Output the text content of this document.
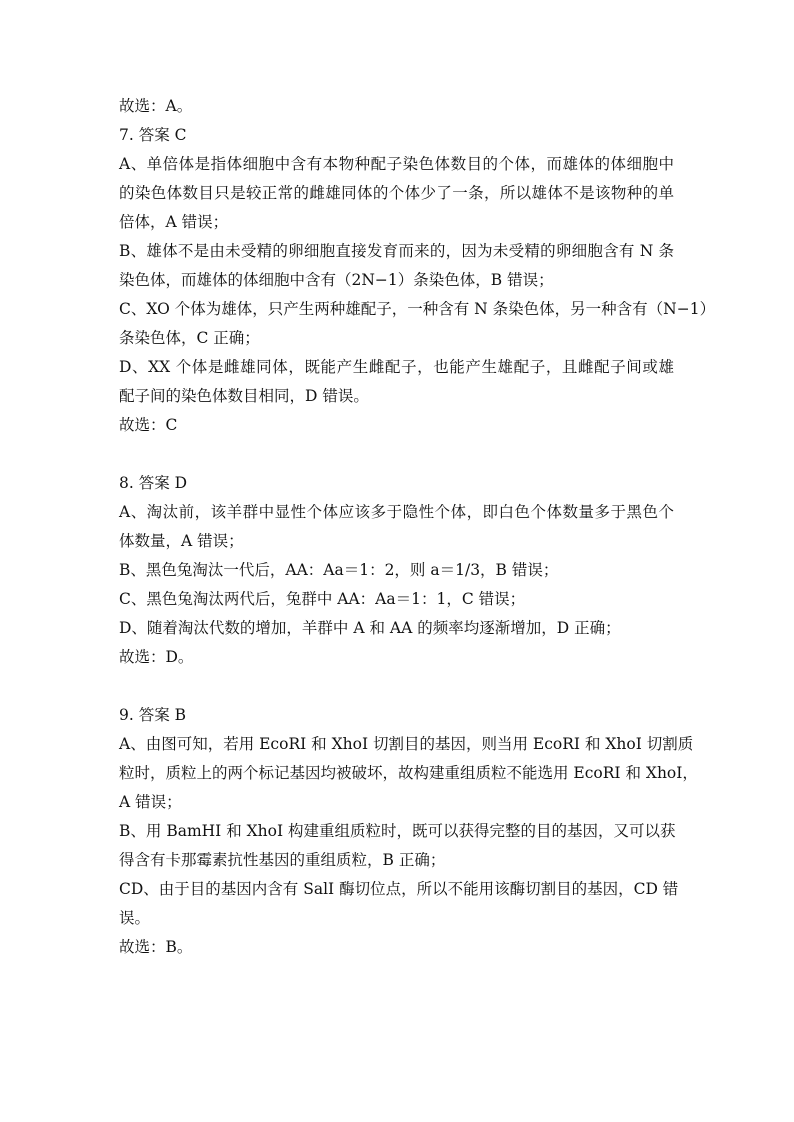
故选：A。
7. 答案 C
A、单倍体是指体细胞中含有本物种配子染色体数目的个体，而雄体的体细胞中
的染色体数目只是较正常的雌雄同体的个体少了一条，所以雄体不是该物种的单
倍体，A 错误；
B、雄体不是由未受精的卵细胞直接发育而来的，因为未受精的卵细胞含有 N 条
染色体，而雄体的体细胞中含有（2N−1）条染色体，B 错误；
C、XO 个体为雄体，只产生两种雄配子，一种含有 N 条染色体，另一种含有（N−1）
条染色体，C 正确；
D、XX 个体是雌雄同体，既能产生雌配子，也能产生雄配子，且雌配子间或雄
配子间的染色体数目相同，D 错误。
故选：C
8. 答案 D
A、淘汰前，该羊群中显性个体应该多于隐性个体，即白色个体数量多于黑色个
体数量，A 错误；
B、黑色兔淘汰一代后，AA：Aa＝1：2，则 a＝1/3，B 错误；
C、黑色兔淘汰两代后，兔群中 AA：Aa＝1：1，C 错误；
D、随着淘汰代数的增加，羊群中 A 和 AA 的频率均逐渐增加，D 正确；
故选：D。
9. 答案 B
A、由图可知，若用 EcoRI 和 XhoI 切割目的基因，则当用 EcoRI 和 XhoI 切割质
粒时，质粒上的两个标记基因均被破坏，故构建重组质粒不能选用 EcoRI 和 XhoI，
A 错误；
B、用 BamHI 和 XhoI 构建重组质粒时，既可以获得完整的目的基因，又可以获
得含有卡那霉素抗性基因的重组质粒，B 正确；
CD、由于目的基因内含有 SalI 酶切位点，所以不能用该酶切割目的基因，CD 错
误。
故选：B。
